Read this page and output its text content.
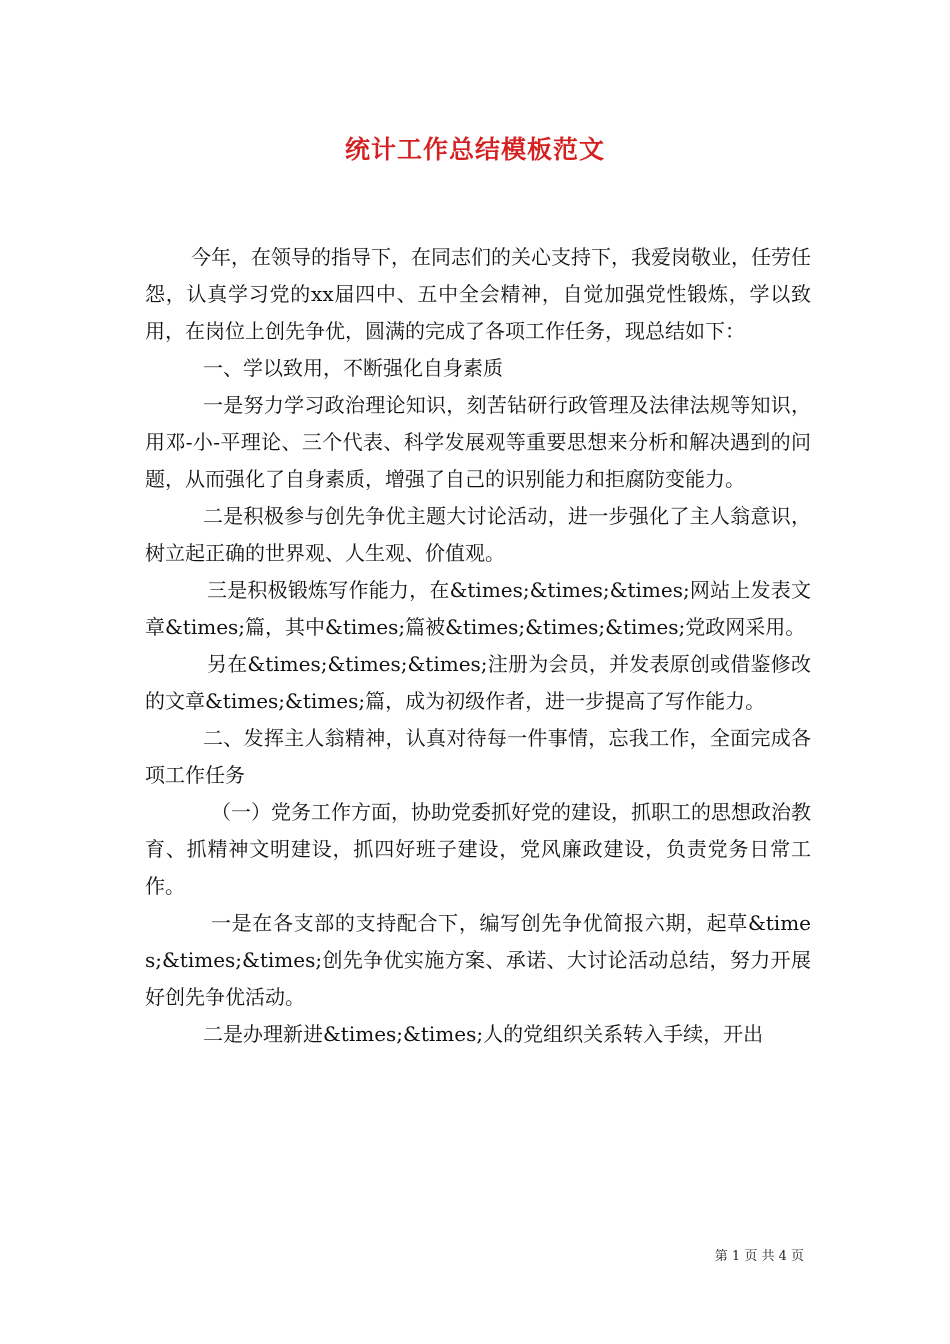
统计工作总结模板范文

今年，在领导的指导下，在同志们的关心支持下，我爱岗敬业，任劳任怨，认真学习党的xx届四中、五中全会精神，自觉加强党性锻炼，学以致用，在岗位上创先争优，圆满的完成了各项工作任务，现总结如下：

一、学以致用，不断强化自身素质

一是努力学习政治理论知识，刻苦钻研行政管理及法律法规等知识，用邓-小-平理论、三个代表、科学发展观等重要思想来分析和解决遇到的问题，从而强化了自身素质，增强了自己的识别能力和拒腐防变能力。

二是积极参与创先争优主题大讨论活动，进一步强化了主人翁意识，树立起正确的世界观、人生观、价值观。

三是积极锻炼写作能力，在&times;&times;&times;网站上发表文章&times;篇，其中&times;篇被&times;&times;&times;党政网采用。

另在&times;&times;&times;注册为会员，并发表原创或借鉴修改的文章&times;&times;篇，成为初级作者，进一步提高了写作能力。

二、发挥主人翁精神，认真对待每一件事情，忘我工作，全面完成各项工作任务

（一）党务工作方面，协助党委抓好党的建设，抓职工的思想政治教育、抓精神文明建设，抓四好班子建设，党风廉政建设，负责党务日常工作。

一是在各支部的支持配合下，编写创先争优简报六期，起草&times;&times;&times;创先争优实施方案、承诺、大讨论活动总结，努力开展好创先争优活动。

二是办理新进&times;&times;人的党组织关系转入手续，开出

第 1 页 共 4 页
